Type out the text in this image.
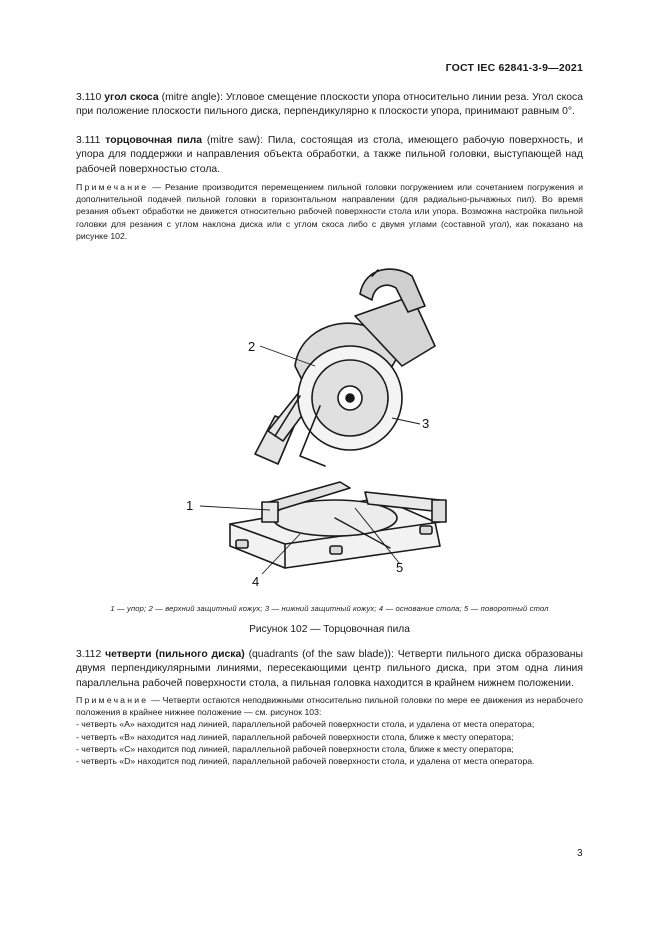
ГОСТ IEC 62841-3-9—2021
3.110 угол скоса (mitre angle): Угловое смещение плоскости упора относительно линии реза. Угол скоса при положение плоскости пильного диска, перпендикулярно к плоскости упора, принимают равным 0°.
3.111 торцовочная пила (mitre saw): Пила, состоящая из стола, имеющего рабочую поверхность, и упора для поддержки и направления объекта обработки, а также пильной головки, выступающей над рабочей поверхностью стола.
Примечание — Резание производится перемещением пильной головки погружением или сочетанием погружения и дополнительной подачей пильной головки в горизонтальном направлении (для радиально-рычажных пил). Во время резания объект обработки не движется относительно рабочей поверхности стола или упора. Возможна настройка пильной головки для резания с углом наклона диска или с углом скоса либо с двумя углами (составной угол), как показано на рисунке 102.
1
2
3
4
5
1 — упор; 2 — верхний защитный кожух; 3 — нижний защитный кожух; 4 — основание стола; 5 — поворотный стол
Рисунок 102 — Торцовочная пила
3.112 четверти (пильного диска) (quadrants (of the saw blade)): Четверти пильного диска образованы двумя перпендикулярными линиями, пересекающими центр пильного диска, при этом одна линия параллельна рабочей поверхности стола, а пильная головка находится в крайнем нижнем положении.
Примечание — Четверти остаются неподвижными относительно пильной головки по мере ее движения из нерабочего положения в крайнее нижнее положение — см. рисунок 103:
- четверть «A» находится над линией, параллельной рабочей поверхности стола, и удалена от места оператора;
- четверть «B» находится над линией, параллельной рабочей поверхности стола, ближе к месту оператора;
- четверть «C» находится под линией, параллельной рабочей поверхности стола, ближе к месту оператора;
- четверть «D» находится под линией, параллельной рабочей поверхности стола, и удалена от места оператора.
3
